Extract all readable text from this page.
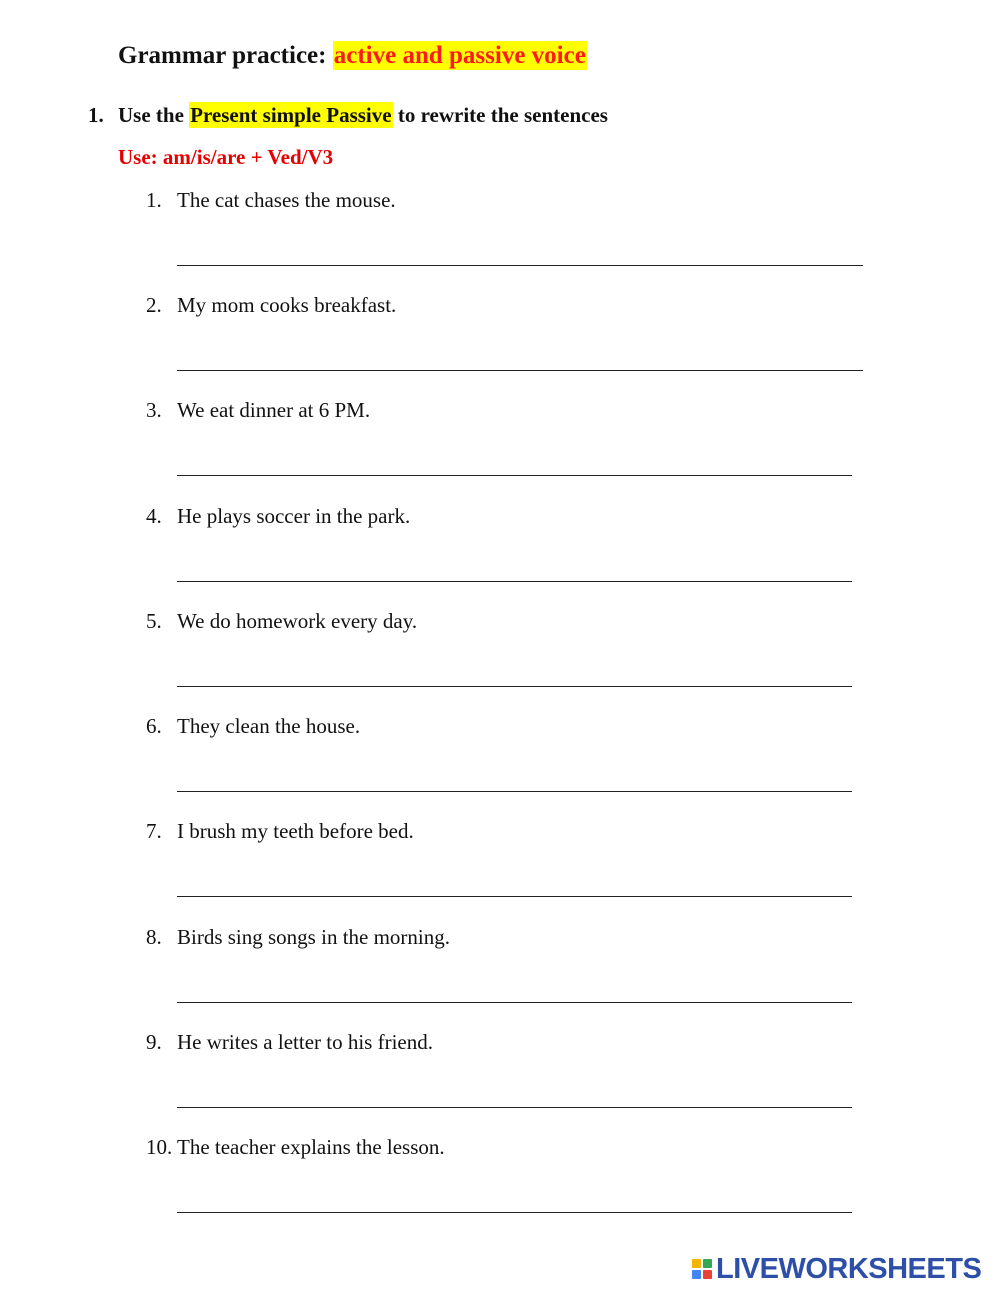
Grammar practice: active and passive voice
1. Use the Present simple Passive to rewrite the sentences
Use: am/is/are + Ved/V3
1. The cat chases the mouse.
2. My mom cooks breakfast.
3. We eat dinner at 6 PM.
4. He plays soccer in the park.
5. We do homework every day.
6. They clean the house.
7. I brush my teeth before bed.
8. Birds sing songs in the morning.
9. He writes a letter to his friend.
10. The teacher explains the lesson.
LIVEWORKSHEETS
